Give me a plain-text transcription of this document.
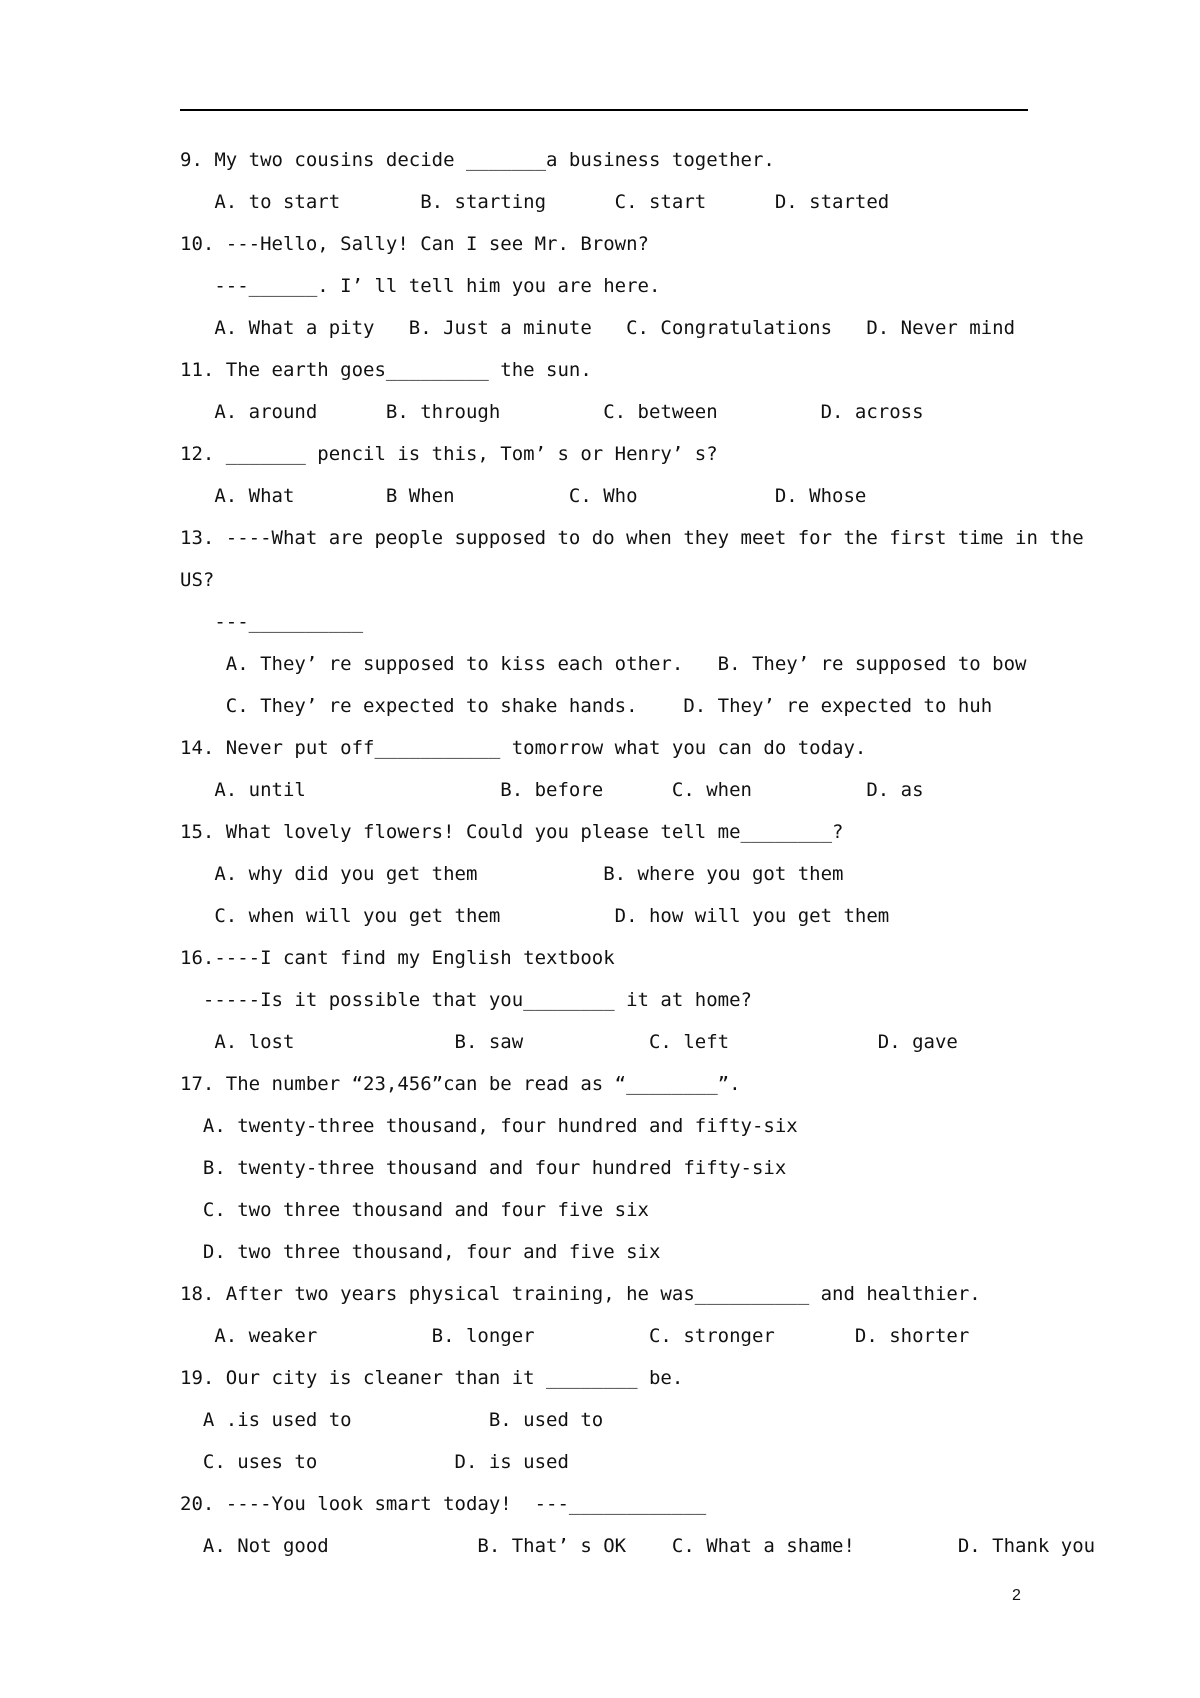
9. My two cousins decide _______a business together.
A. to start       B. starting      C. start      D. started
10. ---Hello, Sally! Can I see Mr. Brown?
---______. I’ ll tell him you are here.
A. What a pity   B. Just a minute   C. Congratulations   D. Never mind
11. The earth goes_________ the sun.
A. around      B. through         C. between         D. across
12. _______ pencil is this, Tom’ s or Henry’ s?
A. What        B When          C. Who            D. Whose
13. ----What are people supposed to do when they meet for the first time in the
US?
---__________
A. They’ re supposed to kiss each other.   B. They’ re supposed to bow
C. They’ re expected to shake hands.    D. They’ re expected to huh
14. Never put off___________ tomorrow what you can do today.
A. until                 B. before      C. when          D. as
15. What lovely flowers! Could you please tell me________?
A. why did you get them           B. where you got them
C. when will you get them          D. how will you get them
16.----I cant find my English textbook
-----Is it possible that you________ it at home?
A. lost              B. saw           C. left             D. gave
17. The number “23,456”can be read as “________”.
A. twenty-three thousand, four hundred and fifty-six
B. twenty-three thousand and four hundred fifty-six
C. two three thousand and four five six
D. two three thousand, four and five six
18. After two years physical training, he was__________ and healthier.
A. weaker          B. longer          C. stronger       D. shorter
19. Our city is cleaner than it ________ be.
A .is used to            B. used to
C. uses to            D. is used
20. ----You look smart today!  ---____________
A. Not good             B. That’ s OK    C. What a shame!         D. Thank you
2
